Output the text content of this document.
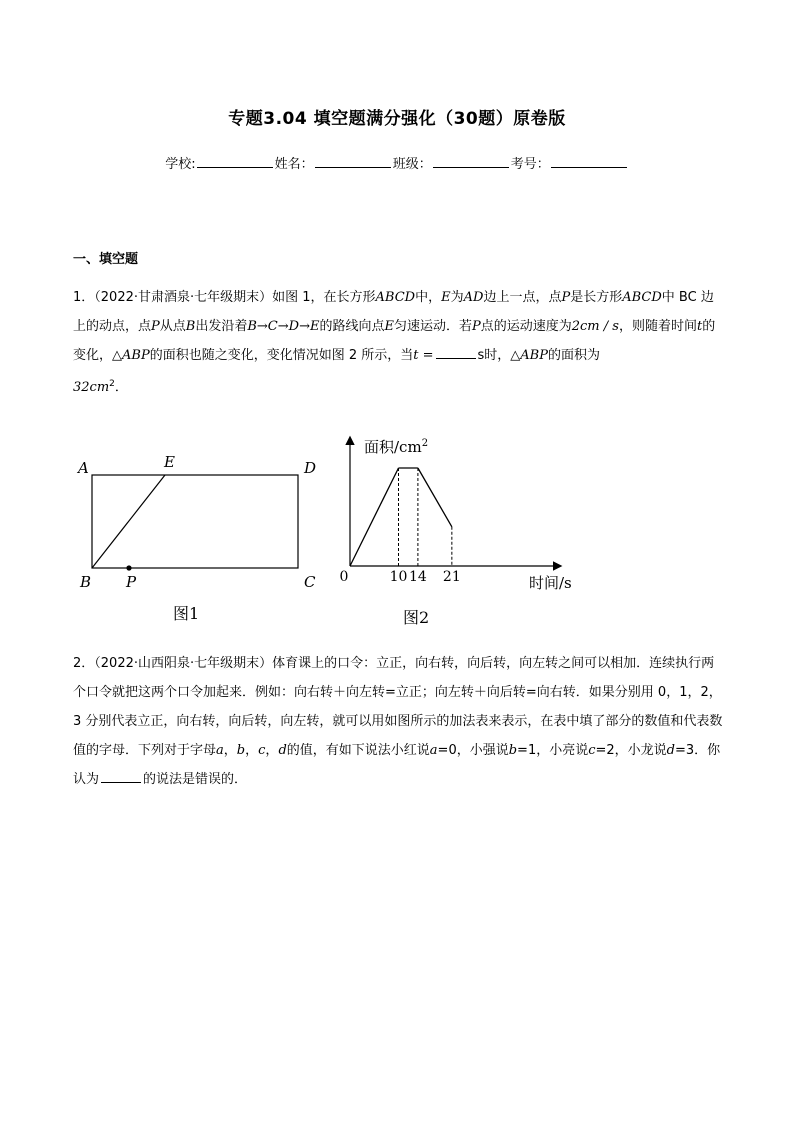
专题3.04 填空题满分强化（30题）原卷版
学校:	姓名：	班级：	考号：
一、填空题

1．（2022·甘肃酒泉·七年级期末）如图 1，在长方形ABCD中，E为AD边上一点，点P是长方形ABCD中 BC 边上的动点，点P从点B出发沿着B→C→D→E的路线向点E匀速运动．若P点的运动速度为2cm / s，则随着时间t的变化，△ABP的面积也随之变化，变化情况如图 2 所示，当t =	s时，△ABP的面积为
$32cm^2$．

A	E	D
B P	C
图1
0	10 14 21
面积$/cm^2$
时间/s
图2

2．（2022·山西阳泉·七年级期末）体育课上的口令：立正，向右转，向后转，向左转之间可以相加．连续执行两个口令就把这两个口令加起来．例如：向右转＋向左转=立正；向左转＋向后转=向右转．如果分别用 0，1，2，3 分别代表立正，向右转，向后转，向左转，就可以用如图所示的加法表来表示，在表中填了部分的数值和代表数值的字母．下列对于字母a，b，c，d的值，有如下说法小红说a=0，小强说b=1，小亮说c=2，小龙说d=3．你认为	的说法是错误的．
